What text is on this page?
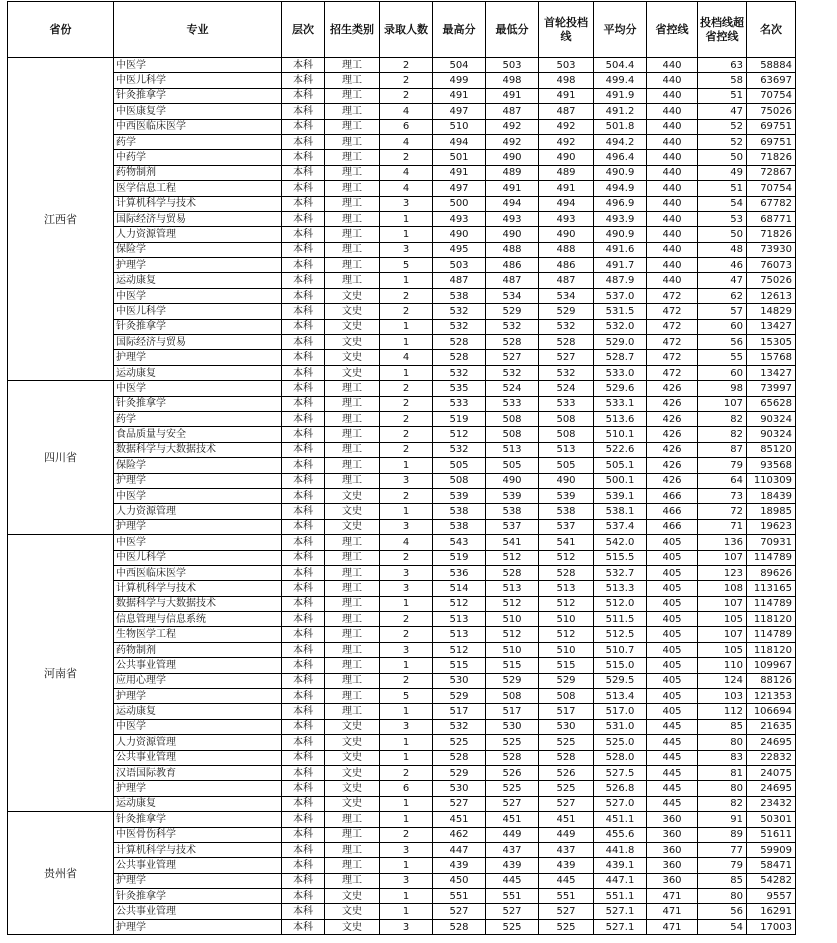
省份	专业	层次	招生类别	录取人数	最高分	最低分	首轮投档线	平均分	省控线	投档线超省控线	名次
江西省	中医学	本科	理工	2	504	503	503	504.4	440	63	58884
	中医儿科学	本科	理工	2	499	498	498	499.4	440	58	63697
	针灸推拿学	本科	理工	2	491	491	491	491.9	440	51	70754
	中医康复学	本科	理工	4	497	487	487	491.2	440	47	75026
	中西医临床医学	本科	理工	6	510	492	492	501.8	440	52	69751
	药学	本科	理工	4	494	492	492	494.2	440	52	69751
	中药学	本科	理工	2	501	490	490	496.4	440	50	71826
	药物制剂	本科	理工	4	491	489	489	490.9	440	49	72867
	医学信息工程	本科	理工	4	497	491	491	494.9	440	51	70754
	计算机科学与技术	本科	理工	3	500	494	494	496.9	440	54	67782
	国际经济与贸易	本科	理工	1	493	493	493	493.9	440	53	68771
	人力资源管理	本科	理工	1	490	490	490	490.9	440	50	71826
	保险学	本科	理工	3	495	488	488	491.6	440	48	73930
	护理学	本科	理工	5	503	486	486	491.7	440	46	76073
	运动康复	本科	理工	1	487	487	487	487.9	440	47	75026
	中医学	本科	文史	2	538	534	534	537.0	472	62	12613
	中医儿科学	本科	文史	2	532	529	529	531.5	472	57	14829
	针灸推拿学	本科	文史	1	532	532	532	532.0	472	60	13427
	国际经济与贸易	本科	文史	1	528	528	528	529.0	472	56	15305
	护理学	本科	文史	4	528	527	527	528.7	472	55	15768
	运动康复	本科	文史	1	532	532	532	533.0	472	60	13427
四川省	中医学	本科	理工	2	535	524	524	529.6	426	98	73997
	针灸推拿学	本科	理工	2	533	533	533	533.1	426	107	65628
	药学	本科	理工	2	519	508	508	513.6	426	82	90324
	食品质量与安全	本科	理工	2	512	508	508	510.1	426	82	90324
	数据科学与大数据技术	本科	理工	2	532	513	513	522.6	426	87	85120
	保险学	本科	理工	1	505	505	505	505.1	426	79	93568
	护理学	本科	理工	3	508	490	490	500.1	426	64	110309
	中医学	本科	文史	2	539	539	539	539.1	466	73	18439
	人力资源管理	本科	文史	1	538	538	538	538.1	466	72	18985
	护理学	本科	文史	3	538	537	537	537.4	466	71	19623
河南省	中医学	本科	理工	4	543	541	541	542.0	405	136	70931
	中医儿科学	本科	理工	2	519	512	512	515.5	405	107	114789
	中西医临床医学	本科	理工	3	536	528	528	532.7	405	123	89626
	计算机科学与技术	本科	理工	3	514	513	513	513.3	405	108	113165
	数据科学与大数据技术	本科	理工	1	512	512	512	512.0	405	107	114789
	信息管理与信息系统	本科	理工	2	513	510	510	511.5	405	105	118120
	生物医学工程	本科	理工	2	513	512	512	512.5	405	107	114789
	药物制剂	本科	理工	3	512	510	510	510.7	405	105	118120
	公共事业管理	本科	理工	1	515	515	515	515.0	405	110	109967
	应用心理学	本科	理工	2	530	529	529	529.5	405	124	88126
	护理学	本科	理工	5	529	508	508	513.4	405	103	121353
	运动康复	本科	理工	1	517	517	517	517.0	405	112	106694
	中医学	本科	文史	3	532	530	530	531.0	445	85	21635
	人力资源管理	本科	文史	1	525	525	525	525.0	445	80	24695
	公共事业管理	本科	文史	1	528	528	528	528.0	445	83	22832
	汉语国际教育	本科	文史	2	529	526	526	527.5	445	81	24075
	护理学	本科	文史	6	530	525	525	526.8	445	80	24695
	运动康复	本科	文史	1	527	527	527	527.0	445	82	23432
贵州省	针灸推拿学	本科	理工	1	451	451	451	451.1	360	91	50301
	中医骨伤科学	本科	理工	2	462	449	449	455.6	360	89	51611
	计算机科学与技术	本科	理工	3	447	437	437	441.8	360	77	59909
	公共事业管理	本科	理工	1	439	439	439	439.1	360	79	58471
	护理学	本科	理工	3	450	445	445	447.1	360	85	54282
	针灸推拿学	本科	文史	1	551	551	551	551.1	471	80	9557
	公共事业管理	本科	文史	1	527	527	527	527.1	471	56	16291
	护理学	本科	文史	3	528	525	525	527.1	471	54	17003
